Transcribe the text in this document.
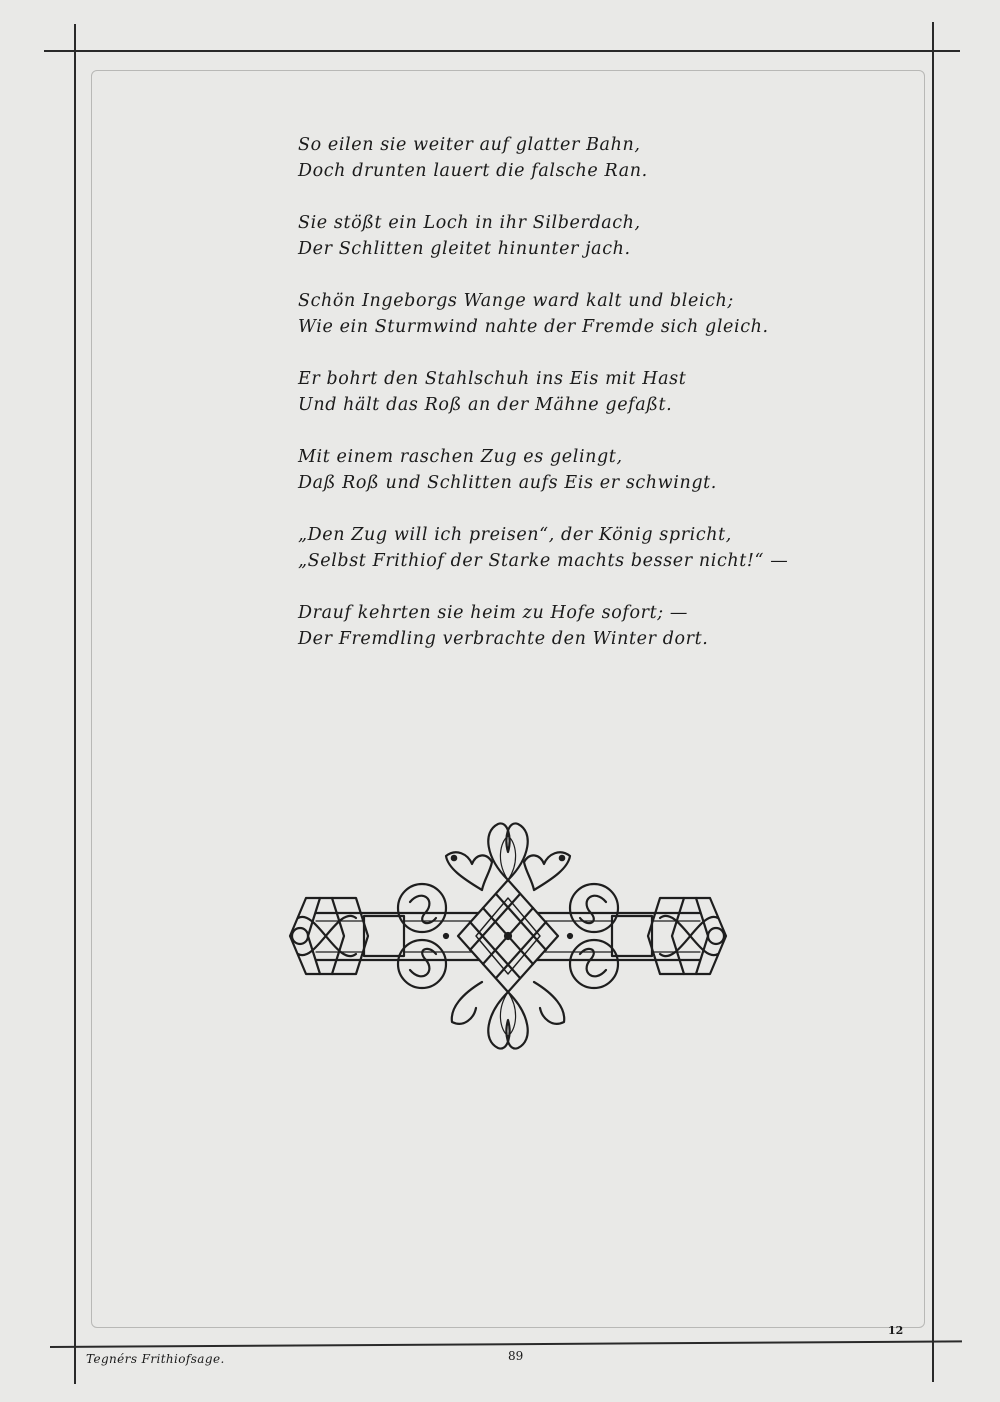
So eilen sie weiter auf glatter Bahn,
Doch drunten lauert die falsche Ran.
Sie stößt ein Loch in ihr Silberdach,
Der Schlitten gleitet hinunter jach.
Schön Ingeborgs Wange ward kalt und bleich;
Wie ein Sturmwind nahte der Fremde sich gleich.
Er bohrt den Stahlschuh ins Eis mit Hast
Und hält das Roß an der Mähne gefaßt.
Mit einem raschen Zug es gelingt,
Daß Roß und Schlitten aufs Eis er schwingt.
„Den Zug will ich preisen“, der König spricht,
„Selbst Frithiof der Starke machts besser nicht!“ —
Drauf kehrten sie heim zu Hofe sofort; —
Der Fremdling verbrachte den Winter dort.
Tegnérs Frithiofsage.	89
12
